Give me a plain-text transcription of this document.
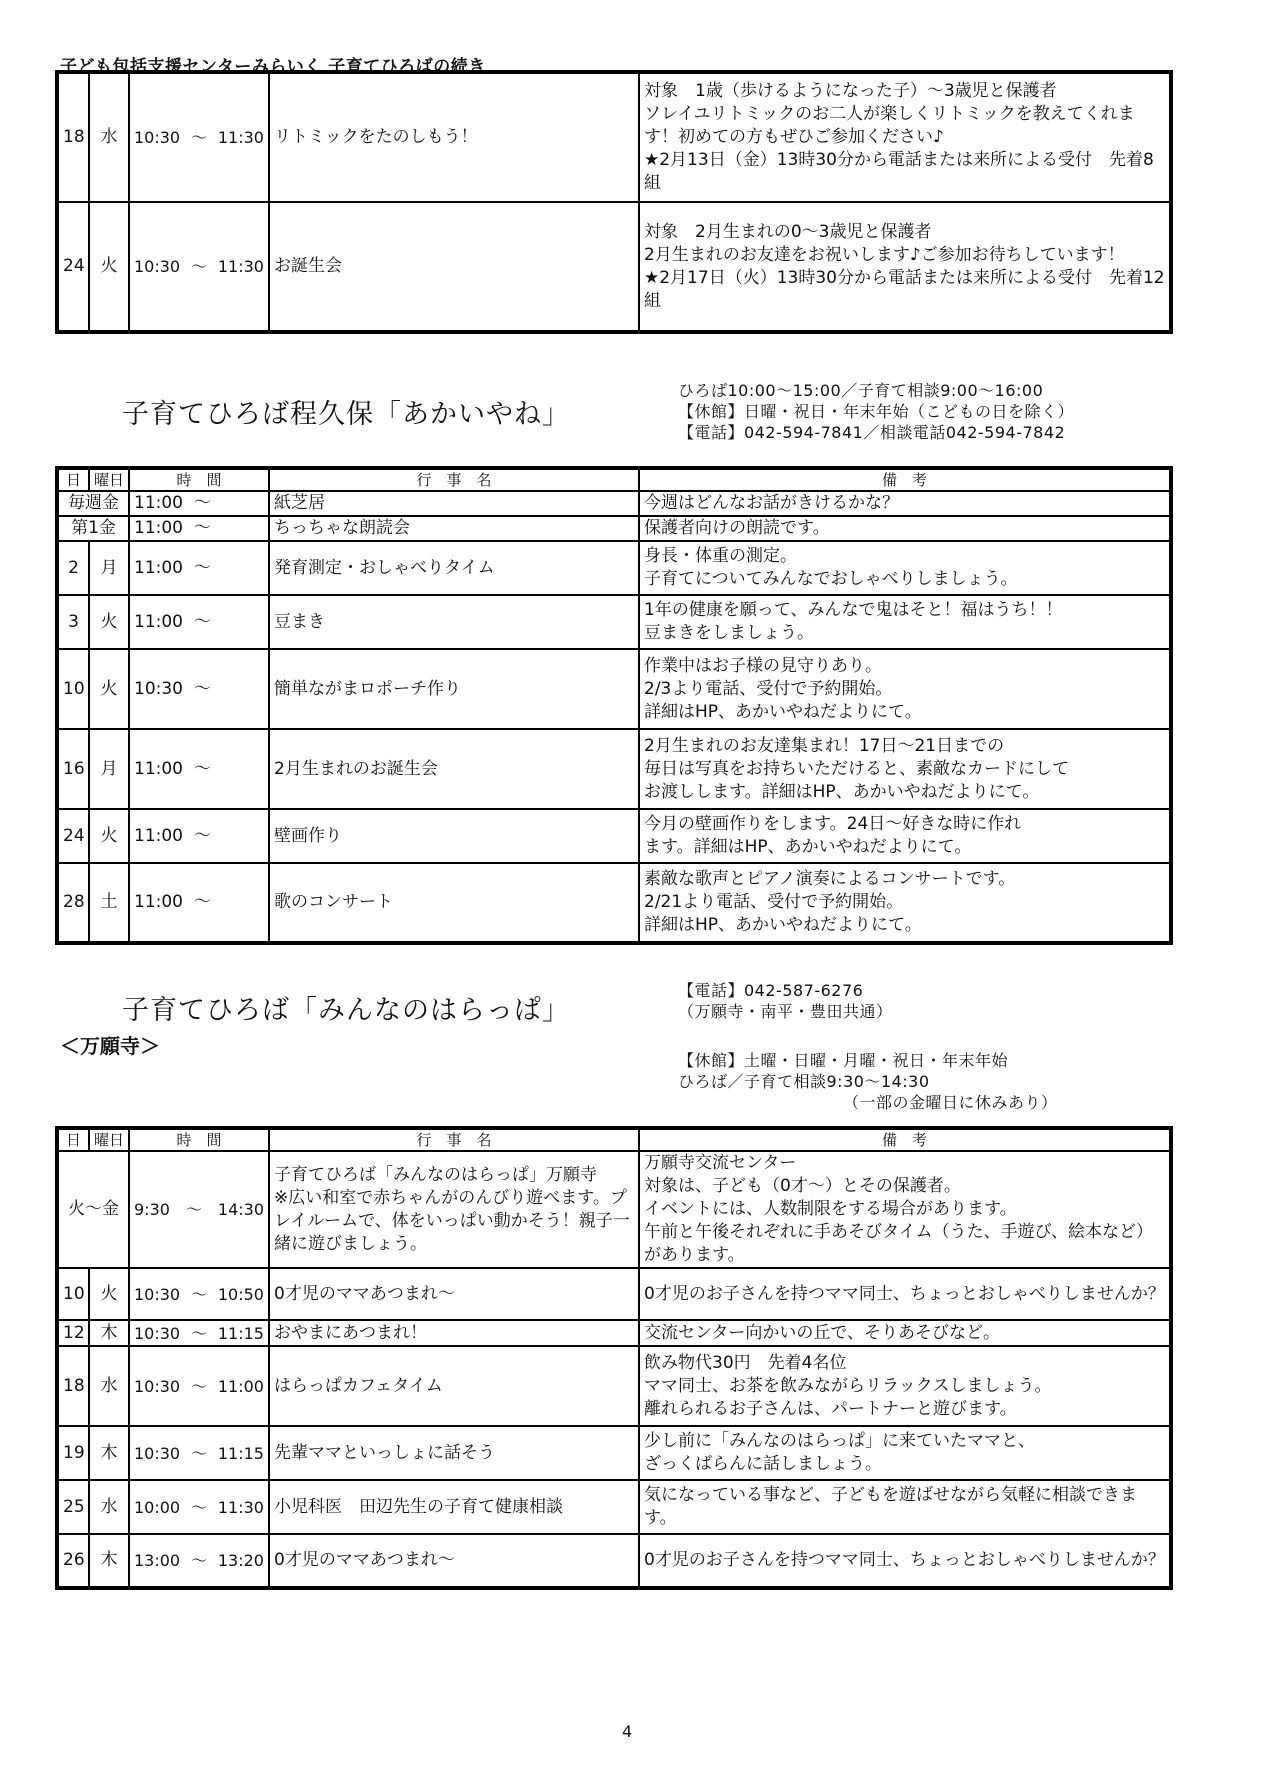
子ども包括支援センターみらいく 子育てひろばの続き
18	水	10:30 ～ 11:30	リトミックをたのしもう！	対象　1歳（歩けるようになった子）～3歳児と保護者
ソレイユリトミックのお二人が楽しくリトミックを教えてくれます！初めての方もぜひご参加ください♪
★2月13日（金）13時30分から電話または来所による受付　先着8組
24	火	10:30 ～ 11:30	お誕生会	対象　2月生まれの0～3歳児と保護者
2月生まれのお友達をお祝いします♪ご参加お待ちしています！
★2月17日（火）13時30分から電話または来所による受付　先着12組
子育てひろば程久保「あかいやね」
ひろば10:00～15:00／子育て相談9:00～16:00
【休館】日曜・祝日・年末年始（こどもの日を除く）
【電話】042-594-7841／相談電話042-594-7842
日	曜日	時　間	行　事　名	備　考
毎週金		11:00 ～	紙芝居	今週はどんなお話がきけるかな？
第1金		11:00 ～	ちっちゃな朗読会	保護者向けの朗読です。
2	月	11:00 ～	発育測定・おしゃべりタイム	身長・体重の測定。
子育てについてみんなでおしゃべりしましょう。
3	火	11:00 ～	豆まき	1年の健康を願って、みんなで鬼はそと！福はうち！！
豆まきをしましょう。
10	火	10:30 ～	簡単ながまロポーチ作り	作業中はお子様の見守りあり。
2/3より電話、受付で予約開始。
詳細はHP、あかいやねだよりにて。
16	月	11:00 ～	2月生まれのお誕生会	2月生まれのお友達集まれ！17日～21日までの
毎日は写真をお持ちいただけると、素敵なカードにして
お渡しします。詳細はHP、あかいやねだよりにて。
24	火	11:00 ～	壁画作り	今月の壁画作りをします。24日～好きな時に作れ
ます。詳細はHP、あかいやねだよりにて。
28	土	11:00 ～	歌のコンサート	素敵な歌声とピアノ演奏によるコンサートです。
2/21より電話、受付で予約開始。
詳細はHP、あかいやねだよりにて。
子育てひろば「みんなのはらっぱ」
＜万願寺＞
【電話】042-587-6276
（万願寺・南平・豊田共通）
【休館】土曜・日曜・月曜・祝日・年末年始
ひろば／子育て相談9:30～14:30
（一部の金曜日に休みあり）
日	曜日	時　間	行　事　名	備　考
火～金		9:30 ～ 14:30	子育てひろば「みんなのはらっぱ」万願寺
※広い和室で赤ちゃんがのんびり遊べます。プレイルームで、体をいっぱい動かそう！親子一緒に遊びましょう。	万願寺交流センター
対象は、子ども（0才～）とその保護者。
イベントには、人数制限をする場合があります。
午前と午後それぞれに手あそびタイム（うた、手遊び、絵本など）があります。
10	火	10:30 ～ 10:50	0才児のママあつまれ～	0才児のお子さんを持つママ同士、ちょっとおしゃべりしませんか？
12	木	10:30 ～ 11:15	おやまにあつまれ！	交流センター向かいの丘で、そりあそびなど。
18	水	10:30 ～ 11:00	はらっぱカフェタイム	飲み物代30円　先着4名位
ママ同士、お茶を飲みながらリラックスしましょう。
離れられるお子さんは、パートナーと遊びます。
19	木	10:30 ～ 11:15	先輩ママといっしょに話そう	少し前に「みんなのはらっぱ」に来ていたママと、
ざっくばらんに話しましょう。
25	水	10:00 ～ 11:30	小児科医　田辺先生の子育て健康相談	気になっている事など、子どもを遊ばせながら気軽に相談できます。
26	木	13:00 ～ 13:20	0才児のママあつまれ～	0才児のお子さんを持つママ同士、ちょっとおしゃべりしませんか？
4
